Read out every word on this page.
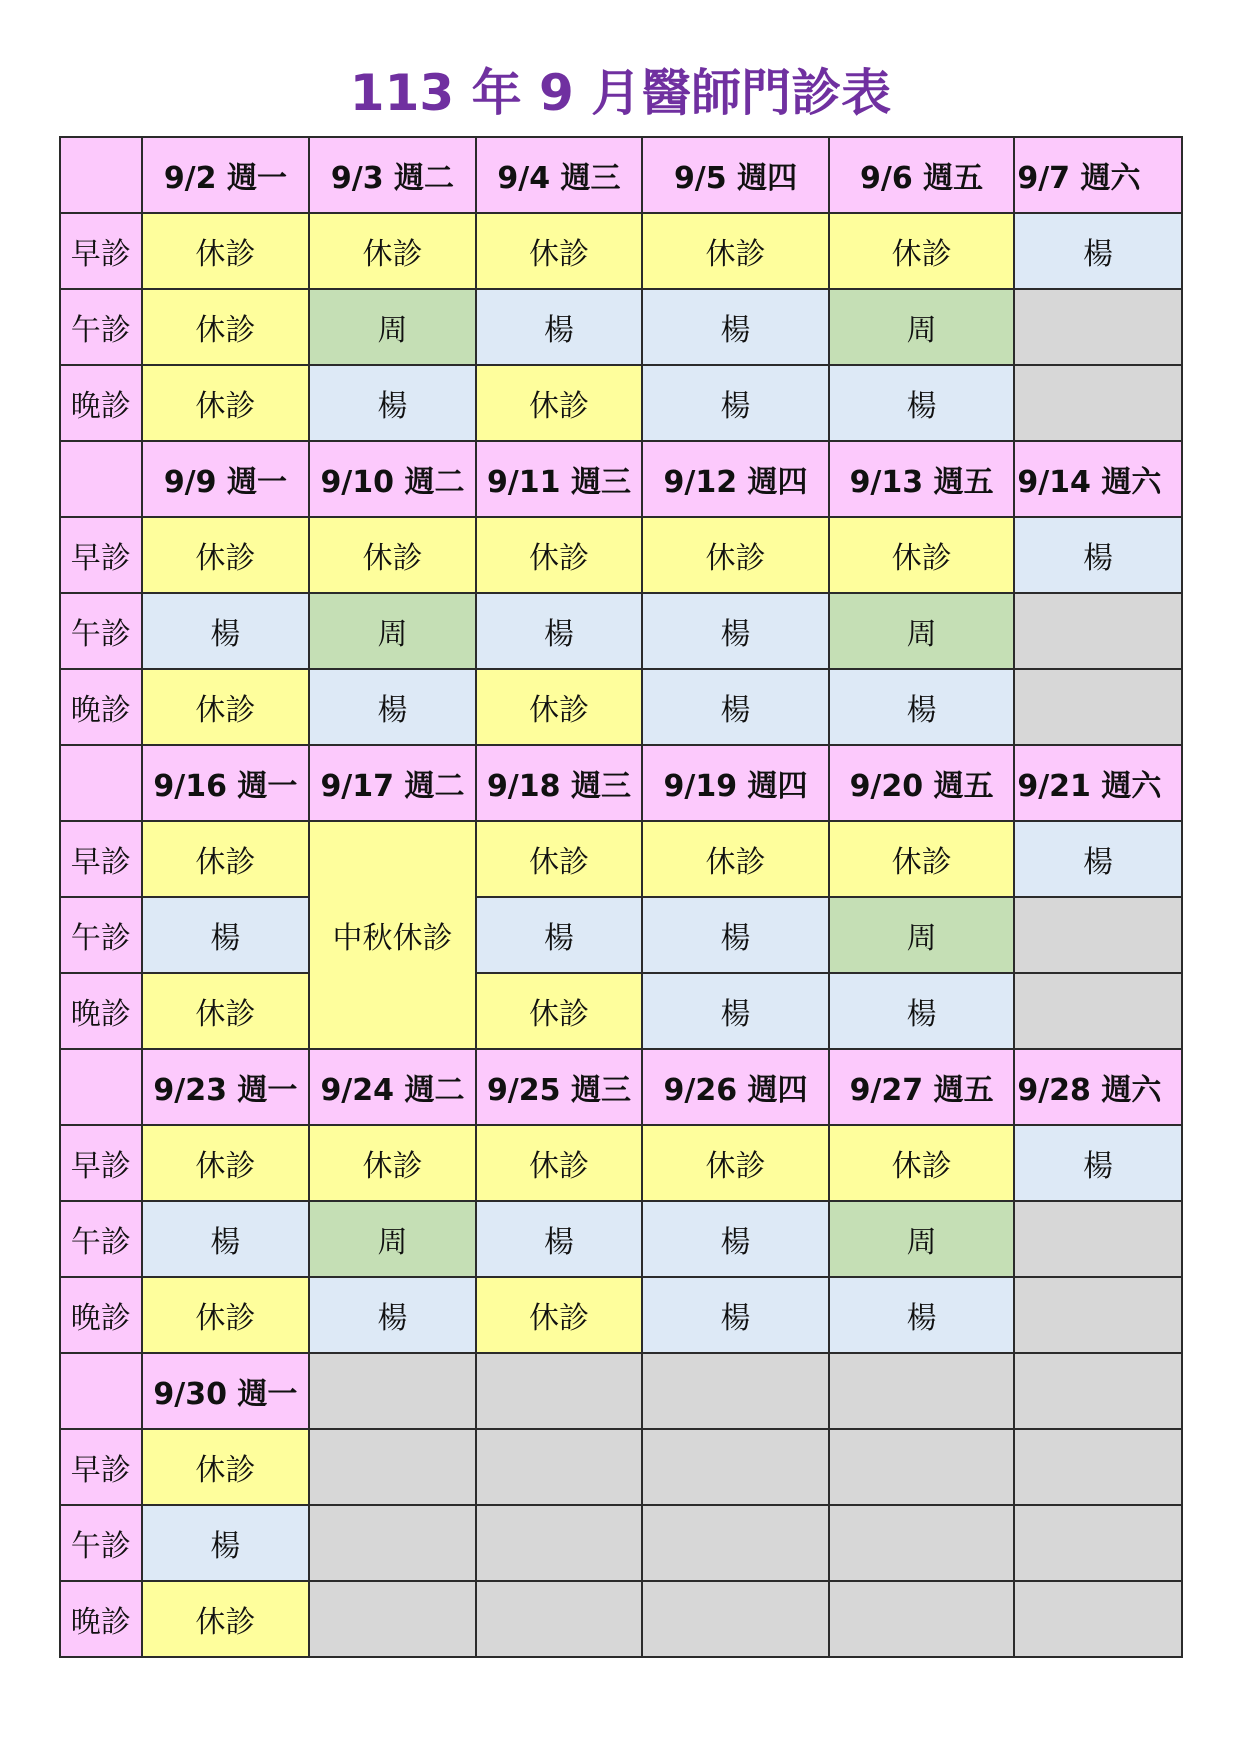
113 年 9 月醫師門診表
	9/2 週一	9/3 週二	9/4 週三	9/5 週四	9/6 週五	9/7 週六
早診	休診	休診	休診	休診	休診	楊
午診	休診	周	楊	楊	周	
晚診	休診	楊	休診	楊	楊	
	9/9 週一	9/10 週二	9/11 週三	9/12 週四	9/13 週五	9/14 週六
早診	休診	休診	休診	休診	休診	楊
午診	楊	周	楊	楊	周	
晚診	休診	楊	休診	楊	楊	
	9/16 週一	9/17 週二	9/18 週三	9/19 週四	9/20 週五	9/21 週六
早診	休診	中秋休診	休診	休診	休診	楊
午診	楊		楊	楊	周	
晚診	休診		休診	楊	楊	
	9/23 週一	9/24 週二	9/25 週三	9/26 週四	9/27 週五	9/28 週六
早診	休診	休診	休診	休診	休診	楊
午診	楊	周	楊	楊	周	
晚診	休診	楊	休診	楊	楊	
	9/30 週一					
早診	休診					
午診	楊					
晚診	休診					
